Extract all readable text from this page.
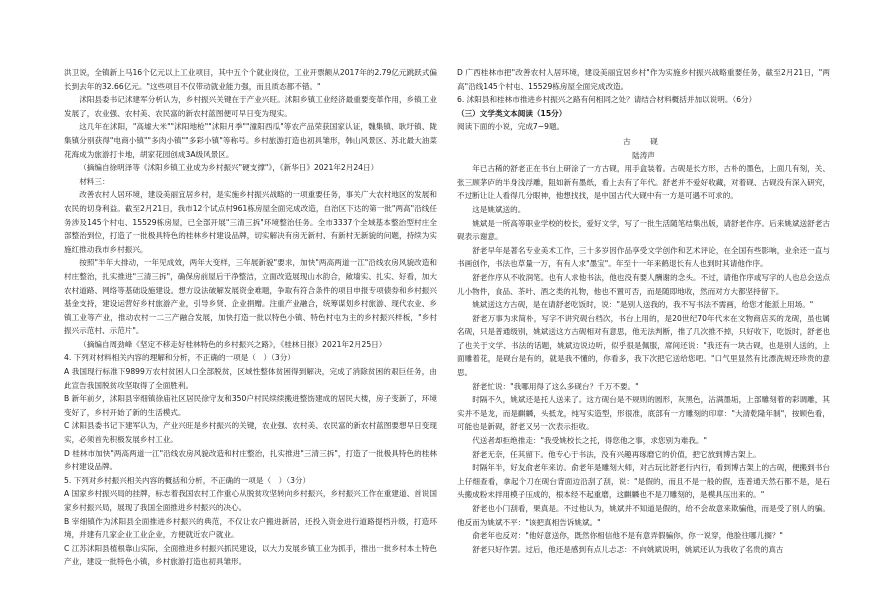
洪卫说，全镇新上马16个亿元以上工业项目，其中五个个就业岗位，工业开票额从2017年的2.79亿元跳跃式偏长到去年的32.66亿元。"这些项目不仅带动就业能力强，而且质态都不错。"

沭阳县委书记沭建军分析认为，乡村振兴关键在于产业兴旺。沭阳乡镇工业经济最重要变革作用，乡镇工业发展了，农业强、农村美、农民富的新农村蓝图便可早日变为现实。

这几年在沭阳，"高墟大米""沭阳地枪""沭阳月季""潼阳西瓜"等农产品荣获国家认证，魏集镇、耿圩镇、陇集镇分别获得"电商小镇""多肉小镇""多彩小镇"等称号。乡村旅游打造也初具雏形，韩山风景区、苏北最大油菜花海成为旅游打卡地，胡家花园创成3A级风景区。

（摘编自徐明泽等《沭阳乡镇工业成为乡村振兴"硬支撑"》，《新华日》2021年2月24日）

材料三：

改善农村人居环境，建设美丽宜居乡村，是实施乡村振兴战略的一项重要任务，事关广大农村地区的发展和农民的切身利益。截至2月21日，我市12个试点村961栋房屋全面完成改造，自治区下达的第一批"两高"沿线任务涉及145个村屯、15529栋房屋，已全部开展"三清三拆"环境整治任务。全市3337个全域基本整治型村庄全部整治到位，打造了一批极具特色的桂林乡村建设品牌，切实解决有房无新村、有新村无新貌的问题，持续为实施红推动我市乡村振兴。

按照"半年大排动，一年见成效，两年大变样，三年展新貌"要求，加快"两高两道一江"沿线农房风貌改造和村庄整治，扎实推进"三清三拆"，确保房前屋后干净整洁，立面改造展现山水韵合，敞墙实、扎实、好看，加大农村道路、网络等基础设施建设。想方设法破解发展资金难题，争取有符合条件的项目申报专项债券和乡村振兴基金支持，建设运营好乡村旅游产业，引导乡贤、企业捐赠。注重产业融合，统筹谋划乡村旅游、现代农业、乡镇工业等产业，推动农村一二三产融合发展，加快打造一批以特色小镇、特色村屯为主的乡村振兴样板，"乡村振兴示范村、示范片"。

（摘编自周劲峰《坚定不移走好桂林特色的乡村振兴之路》，《桂林日报》2021年2月25日）

4. 下列对材料相关内容的理解和分析，不正确的一项是（　）（3分）

A 我国现行标准下9899万农村贫困人口全部脱贫，区域性整体贫困得到解决，完成了消除贫困的艰巨任务，由此宣告我国脱贫攻坚取得了全面胜利。

B 新年前夕，沭阳县宰细镇徐庙社区居民徐守友和350户村民续续搬进整饬建成的居民大楼，房子变新了，环境变好了，乡村开始了新的生活模式。

C 沭阳县委书记下建军认为，产业兴旺是乡村振兴的关键，农业强、农村美、农民富的新农村蓝图要想早日变现实，必须首先积极发展乡村工业。

D 桂林市加快"两高两道一江"沿线农房风貌改造和村庄整治，扎实推进"三清三拆"，打造了一批极具特色的桂林乡村建设品牌。

5. 下列对乡村振兴相关内容的概括和分析，不正确的一项是（　）（3分）

A 国家乡村振兴局的挂牌，标志着我国农村工作重心从脱贫攻坚转向乡村振兴，乡村振兴工作在重建道、首说国家乡村振兴局，展现了我国全面推进乡村振兴的决心。

B 宰细镇作为沭阳县全面推进乡村振兴的典范，不仅让农户搬进新居，还投入资金进行道路提档升级，打造环境，并建有几家企业工业企业，方便就近农户就业。

C 江苏沭阳县植根靠山实际，全面推进乡村振兴抓民建设，以大力发展乡镇工业为抓手，推出一批乡村本土特色产业，建设一批特色小镇，乡村旅游打造也初具雏形。

D 广西桂林市把"改善农村人居环境，建设美丽宜居乡村"作为实施乡村振兴战略重要任务，截至2月21日，"两高"沿线145个村屯、15529栋房屋全面完成改造。

6. 沭阳县和桂林市推进乡村振兴之路有何相同之处？请结合材料概括并加以说明。（6分）

（三）文学类文本阅读（15分）

阅读下面的小说，完成7~9题。

古　砚

陆涛声

年已古稀的舒老正在书台上研涂了一方古砚，用手盒装着。古砚是长方形，古朴的墨色，上面几有刻，关、张三顾茅庐的半身浅浮雕，阻如新有墨纸，看上去有了年代。舒老并不爱好收藏，对着砚、古砚没有深入研究，不过断让让人看得几分眼神，他想找找，是中国古代大砚中有一方是可遇不可求的。

这是姚斌送的。

姚斌是一所高等职业学校的校长，爱好文学，写了一批生活随笔结集出版，请舒老作序。后来姚斌送舒老古砚表示谢意。

舒老早年是著名专业美术工作，三十多岁因作品享受文学创作和艺术评论，在全国有些影响，业余还一直与书画创作，书法也草量一万，有有人求"墨宝"。年至十一年来鹤退长有人也到时其请他作序。

舒老作序从不收润笔。也有人求他书法，他也没有要人酬谢的念头。不过，请他作序或写字的人也总会送点儿小物件，食品、茶叶、酒之类的礼物，他也不置可否，而是随即地收，然而对方大都坚持留下。

姚斌送这方古砚，是在请舒老吃饭时，说："是别人送我的，我不写书法不需画，给您才能派上用场。"

舒老万事为求简朴，写字不讲究砚台档次，书台上用的，是20世纪70年代末在文物商店买的龙砚，虽也属名砚，只是普通级别，姚斌送这方古砚相对有意思，他无法判断，推了几次推不掉，只好收下，吃饭时，舒老也了也关于文学、书法的话题，姚斌边说边听，似乎很是佩服，席间还说："我还有一块古砚，也是别人送的，上面雕着花，是砚台是有的，就是我不懂的，你看多，我下次把它送给您吧。"口气里显然有比漂洗规还珍贵的意思。

舒老忙说："我哪用得了这么多砚台？千万不要。"

时隔不久，姚斌还是托人送来了。这方砚台是不规则的圆形，灰黑色，沾满墨垢，上部雕刻着的彩调雕，其实并不是龙，而是麒麟，头抵龙，纯写实造型，形很准，底部有一方雕刻的印章："大清乾隆年制"，按顾色看，可能也是新砚，舒老又另一次表示拒收。

代送者却拒绝推走："我受姚校长之托，得您他之事，求您别为难我。"

舒老无奈，任其留下。他专心于书法，没有兴趣再琢磨它的价值，把它放到博古架上。

时隔年半，好友俞老年来访。俞老年是雕刻大师，对古玩比舒老行内行，看到博古架上的古砚，便搬到书台上仔细查看，拿起个刀在砚台背面边沿刮了刮，说："是假的，而且不是一般的假，连普通天然石都不是，是石头搬成粉末拌用模子压成的，根本经不起重磨，这麒麟也不是刀雕刻的，是模具压出来的。"

舒老也小门刮看，果真是。不过他认为，姚斌并不知道是假的，给不会故意来欺骗他，而是受了别人的骗。他反而为姚斌不平："该把真相告诉姚斌。"

俞老年也反对："他好意送你，既然你相信他不是有意弄假骗你，你一说穿，他脸往哪儿搁？"

舒老只好作罢。过后，他还是感到有点儿忐忑：不向姚斌说明，姚斌还认为我收了名贵的真古
